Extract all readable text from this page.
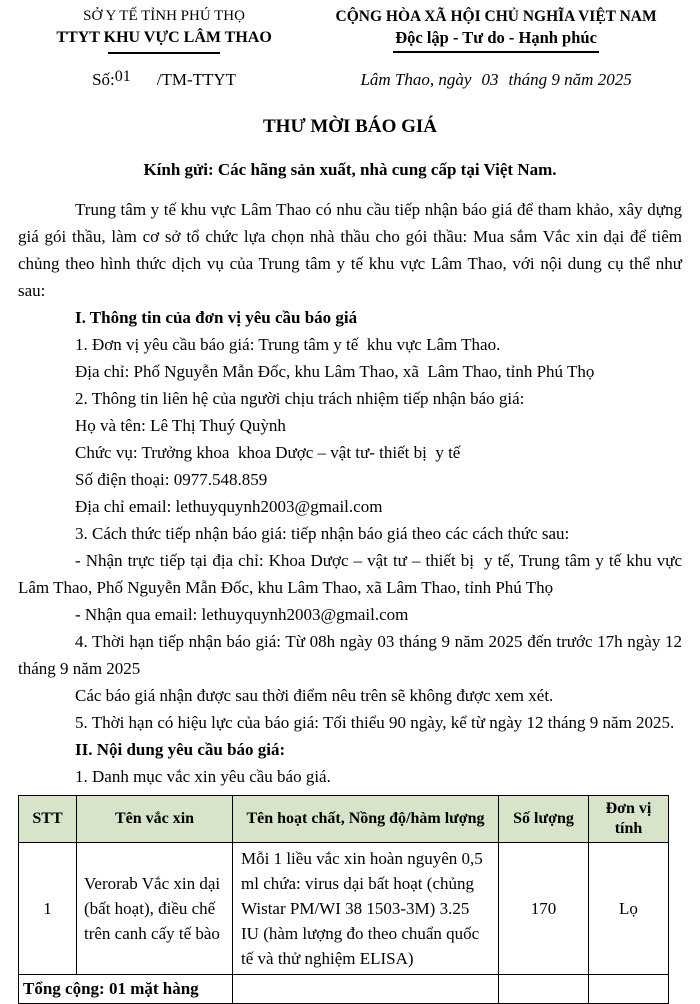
SỞ Y TẾ TỈNH PHÚ THỌ
TTYT KHU VỰC LÂM THAO
CỘNG HÒA XÃ HỘI CHỦ NGHĨA VIỆT NAM
Độc lập - Tư do - Hạnh phúc
Số:01 /TM-TTYT	Lâm Thao, ngày 03 tháng 9 năm 2025
THƯ MỜI BÁO GIÁ
Kính gửi: Các hãng sản xuất, nhà cung cấp tại Việt Nam.

Trung tâm y tế khu vực Lâm Thao có nhu cầu tiếp nhận báo giá để tham khảo, xây dựng giá gói thầu, làm cơ sở tổ chức lựa chọn nhà thầu cho gói thầu: Mua sắm Vắc xin dại để tiêm chủng theo hình thức dịch vụ của Trung tâm y tế khu vực Lâm Thao, với nội dung cụ thể như sau:

I. Thông tin của đơn vị yêu cầu báo giá

1. Đơn vị yêu cầu báo giá: Trung tâm y tế  khu vực Lâm Thao.

Địa chỉ: Phố Nguyễn Mẫn Đốc, khu Lâm Thao, xã  Lâm Thao, tỉnh Phú Thọ

2. Thông tin liên hệ của người chịu trách nhiệm tiếp nhận báo giá:

Họ và tên: Lê Thị Thuý Quỳnh

Chức vụ: Trưởng khoa  khoa Dược – vật tư- thiết bị  y tế

Số điện thoại: 0977.548.859

Địa chỉ email: lethuyquynh2003@gmail.com

3. Cách thức tiếp nhận báo giá: tiếp nhận báo giá theo các cách thức sau:

- Nhận trực tiếp tại địa chỉ: Khoa Dược – vật tư – thiết bị  y tế, Trung tâm y tế khu vực Lâm Thao, Phố Nguyễn Mẫn Đốc, khu Lâm Thao, xã Lâm Thao, tỉnh Phú Thọ

- Nhận qua email: lethuyquynh2003@gmail.com

4. Thời hạn tiếp nhận báo giá: Từ 08h ngày 03 tháng 9 năm 2025 đến trước 17h ngày 12 tháng 9 năm 2025

Các báo giá nhận được sau thời điểm nêu trên sẽ không được xem xét.

5. Thời hạn có hiệu lực của báo giá: Tối thiểu 90 ngày, kể từ ngày 12 tháng 9 năm 2025.

II. Nội dung yêu cầu báo giá:

1. Danh mục vắc xin yêu cầu báo giá.

STT	Tên vắc xin	Tên hoạt chất, Nồng độ/hàm lượng	Số lượng	Đơn vị tính
1	Verorab Vắc xin dại (bất hoạt), điều chế trên canh cấy tế bào	Mỗi 1 liều vắc xin hoàn nguyên 0,5 ml chứa: virus dại bất hoạt (chủng Wistar PM/WI 38 1503-3M) 3.25 IU (hàm lượng đo theo chuẩn quốc tế và thử nghiệm ELISA)	170	Lọ
Tổng cộng: 01 mặt hàng				
